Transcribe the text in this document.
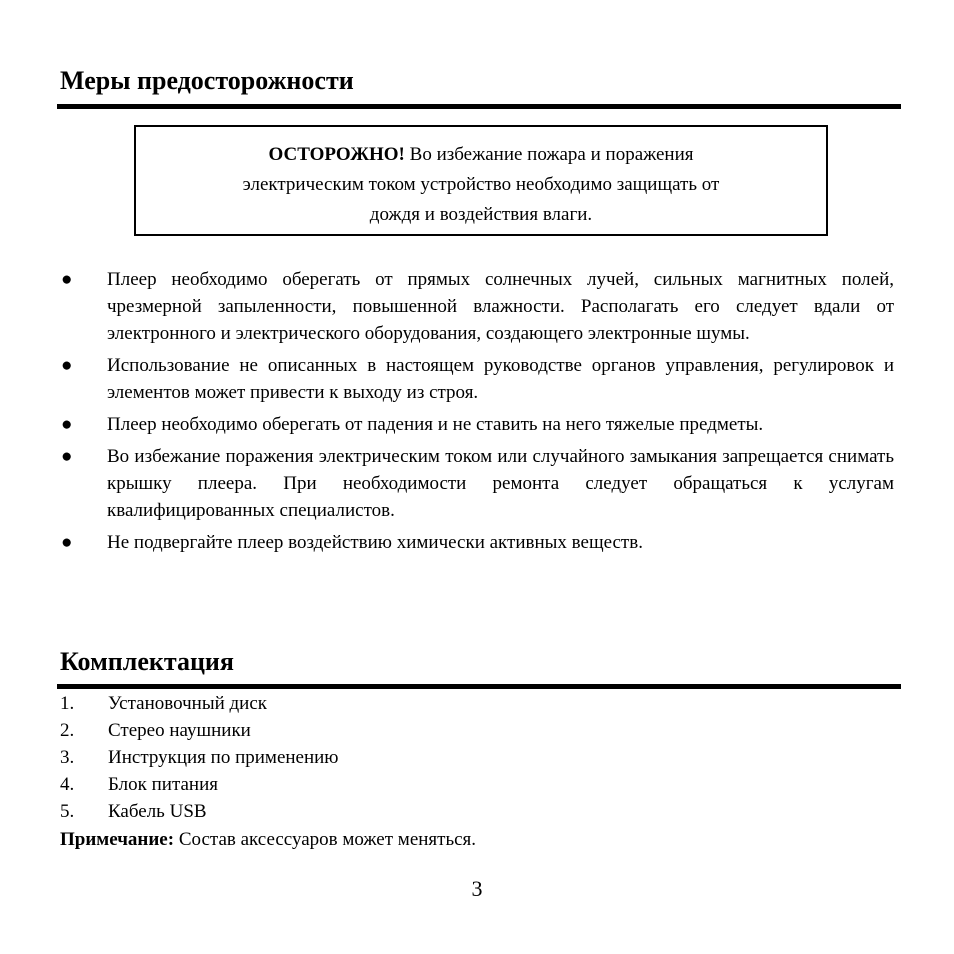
Меры предосторожности
ОСТОРОЖНО! Во избежание пожара и поражения
электрическим током устройство необходимо защищать от
дождя и воздействия влаги.
● Плеер необходимо оберегать от прямых солнечных лучей, сильных магнитных полей, чрезмерной запыленности, повышенной влажности. Располагать его следует вдали от электронного и электрического оборудования, создающего электронные шумы.
● Использование не описанных в настоящем руководстве органов управления, регулировок и элементов может привести к выходу из строя.
● Плеер необходимо оберегать от падения и не ставить на него тяжелые предметы.
● Во избежание поражения электрическим током или случайного замыкания запрещается снимать крышку плеера. При необходимости ремонта следует обращаться к услугам квалифицированных специалистов.
● Не подвергайте плеер воздействию химически активных веществ.
Комплектация
1. Установочный диск
2. Стерео наушники
3. Инструкция по применению
4. Блок питания
5. Кабель USB
Примечание: Состав аксессуаров может меняться.
3
